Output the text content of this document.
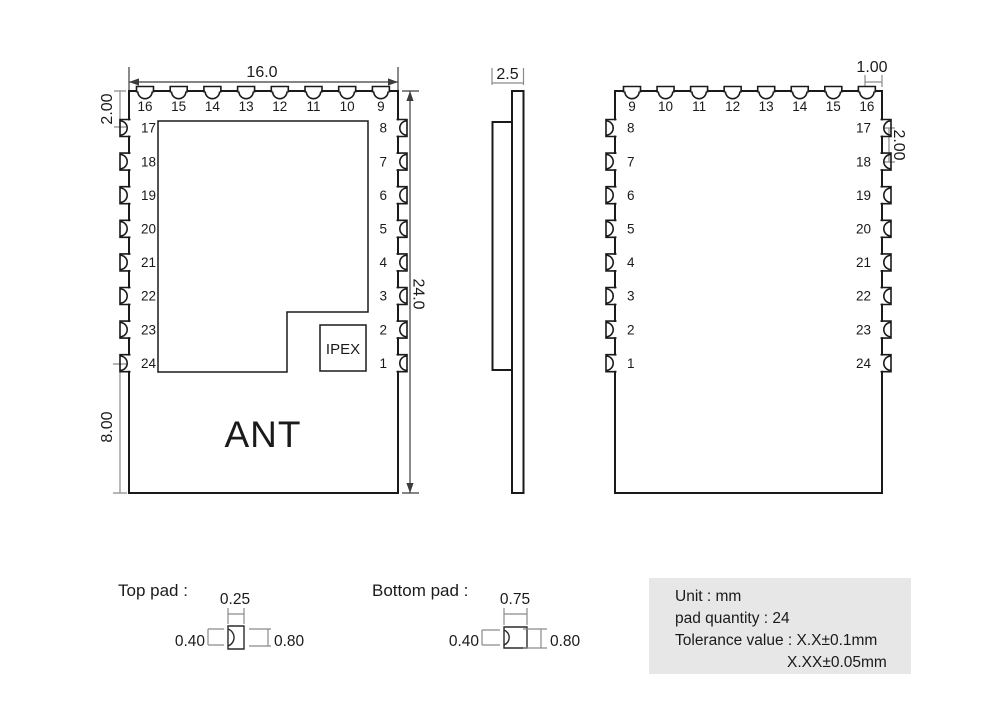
IPEX
ANT
16.0
2.00
24.0
8.00
16 15 14 13 12 11 10 9
17	8
18	7
19	6
20	5
21	4
22	3
23	2
24	1
2.5	1.00
2.00
9 10 11 12 13 14 15 16
8	17
7	18
6	19
5	20
4	21
3	22
2	23
1	24
Top pad : 0.25
0.40	0.80
Bottom pad : 0.75
0.40	0.80
Unit : mm
pad quantity : 24
Tolerance value : X.X±0.1mm
X.XX±0.05mm
